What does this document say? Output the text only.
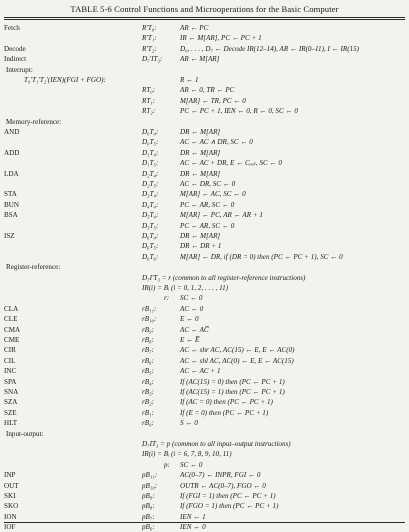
TABLE 5-6 Control Functions and Microoperations for the Basic Computer
Fetch	R′T₀:	AR ← PC
R′T₁:	IR ← M[AR], PC ← PC + 1
Decode	R′T₂:	D₀, . . . , D₇ ← Decode IR(12–14), AR ← IR(0–11), I ← IR(15)
Indirect	D₇′IT₃: AR ← M[AR]
Interrupt:
T₀′T₁′T₂′(IEN)(FGI + FGO):	R ← 1
RT₀:	AR ← 0, TR ← PC
RT₁:	M[AR] ← TR, PC ← 0
RT₂:	PC ← PC + 1, IEN ← 0, R ← 0, SC ← 0
Memory-reference:
AND	D₀T₄:	DR ← M[AR]
D₀T₅:	AC ← AC ∧ DR, SC ← 0
ADD	D₁T₄:	DR ← M[AR]
D₁T₅:	AC ← AC + DR, E ← Cₒᵤₜ, SC ← 0
LDA	D₂T₄:	DR ← M[AR]
D₂T₅:	AC ← DR, SC ← 0
STA	D₃T₄:	M[AR] ← AC, SC ← 0
BUN	D₄T₄:	PC ← AR, SC ← 0
BSA	D₅T₄:	M[AR] ← PC, AR ← AR + 1
D₅T₅:	PC ← AR, SC ← 0
ISZ	D₆T₄:	DR ← M[AR]
D₆T₅:	DR ← DR + 1
D₆T₆:	M[AR] ← DR, if (DR = 0) then (PC ← PC + 1), SC ← 0
Register-reference:
D₇I′T₃ = r (common to all register-reference instructions)
IR(i) = Bᵢ (i = 0, 1, 2, . . . , 11)
r: SC ← 0
CLA	rB₁₁:	AC ← 0
CLE	rB₁₀:	E ← 0
CMA	rB₉:	AC ← AC̅
CME	rB₈:	E ← E̅
CIR	rB₇:	AC ← shr AC, AC(15) ← E, E ← AC(0)
CIL	rB₆:	AC ← shl AC, AC(0) ← E, E ← AC(15)
INC	rB₅:	AC ← AC + 1
SPA	rB₄:	If (AC(15) = 0) then (PC ← PC + 1)
SNA	rB₃:	If (AC(15) = 1) then (PC ← PC + 1)
SZA	rB₂:	If (AC = 0) then (PC ← PC + 1)
SZE	rB₁:	If (E = 0) then (PC ← PC + 1)
HLT	rB₀:	S ← 0
Input-output:
D₇IT₃ = p (common to all input–output instructions)
IR(i) = Bᵢ (i = 6, 7, 8, 9, 10, 11)
p: SC ← 0
INP	pB₁₁:	AC(0–7) ← INPR, FGI ← 0
OUT	pB₁₀:	OUTR ← AC(0–7), FGO ← 0
SKI	pB₉:	If (FGI = 1) then (PC ← PC + 1)
SKO	pB₈:	If (FGO = 1) then (PC ← PC + 1)
ION	pB₇:	IEN ← 1
IOF	pB₆:	IEN ← 0
